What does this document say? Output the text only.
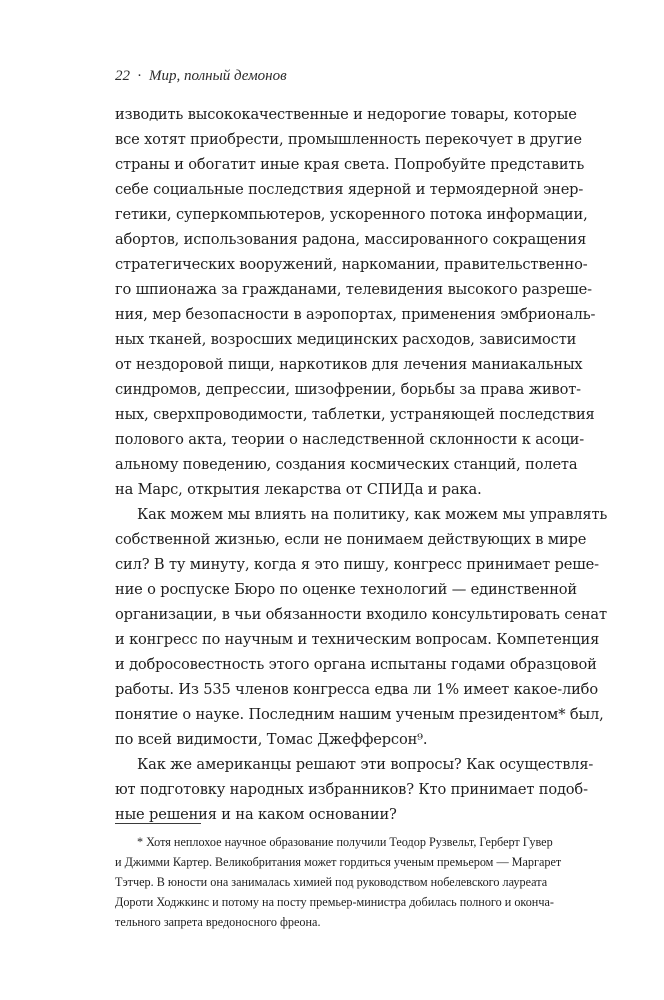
22 · Мир, полный демонов
изводить высококачественные и недорогие товары, которые
все хотят приобрести, промышленность перекочует в другие
страны и обогатит иные края света. Попробуйте представить
себе социальные последствия ядерной и термоядерной энер-
гетики, суперкомпьютеров, ускоренного потока информации,
абортов, использования радона, массированного сокращения
стратегических вооружений, наркомании, правительственно-
го шпионажа за гражданами, телевидения высокого разреше-
ния, мер безопасности в аэропортах, применения эмбриональ-
ных тканей, возросших медицинских расходов, зависимости
от нездоровой пищи, наркотиков для лечения маниакальных
синдромов, депрессии, шизофрении, борьбы за права живот-
ных, сверхпроводимости, таблетки, устраняющей последствия
полового акта, теории о наследственной склонности к асоци-
альному поведению, создания космических станций, полета
на Марс, открытия лекарства от СПИДа и рака.
Как можем мы влиять на политику, как можем мы управлять
собственной жизнью, если не понимаем действующих в мире
сил? В ту минуту, когда я это пишу, конгресс принимает реше-
ние о роспуске Бюро по оценке технологий — единственной
организации, в чьи обязанности входило консультировать сенат
и конгресс по научным и техническим вопросам. Компетенция
и добросовестность этого органа испытаны годами образцовой
работы. Из 535 членов конгресса едва ли 1% имеет какое-либо
понятие о науке. Последним нашим ученым президентом* был,
по всей видимости, Томас Джефферсон⁹.
Как же американцы решают эти вопросы? Как осуществля-
ют подготовку народных избранников? Кто принимает подоб-
ные решения и на каком основании?
* Хотя неплохое научное образование получили Теодор Рузвельт, Герберт Гувер
и Джимми Картер. Великобритания может гордиться ученым премьером — Маргарет
Тэтчер. В юности она занималась химией под руководством нобелевского лауреата
Дороти Ходжкинс и потому на посту премьер-министра добилась полного и оконча-
тельного запрета вредоносного фреона.
